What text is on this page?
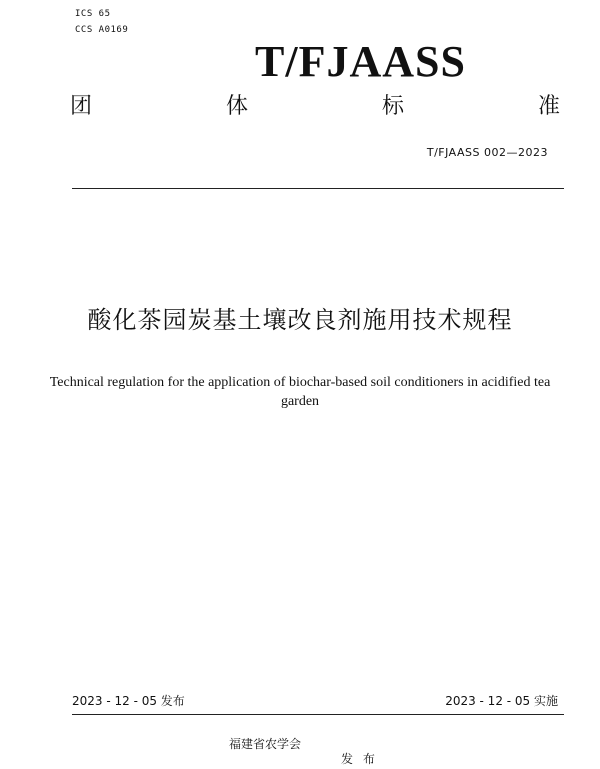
ICS 65
CCS A0169
T/FJAASS
团	体	标	准
T/FJAASS 002—2023
酸化茶园炭基土壤改良剂施用技术规程
Technical regulation for the application of biochar-based soil conditioners in acidified tea garden
2023 - 12 - 05 发布	2023 - 12 - 05 实施
福建省农学会
发 布
